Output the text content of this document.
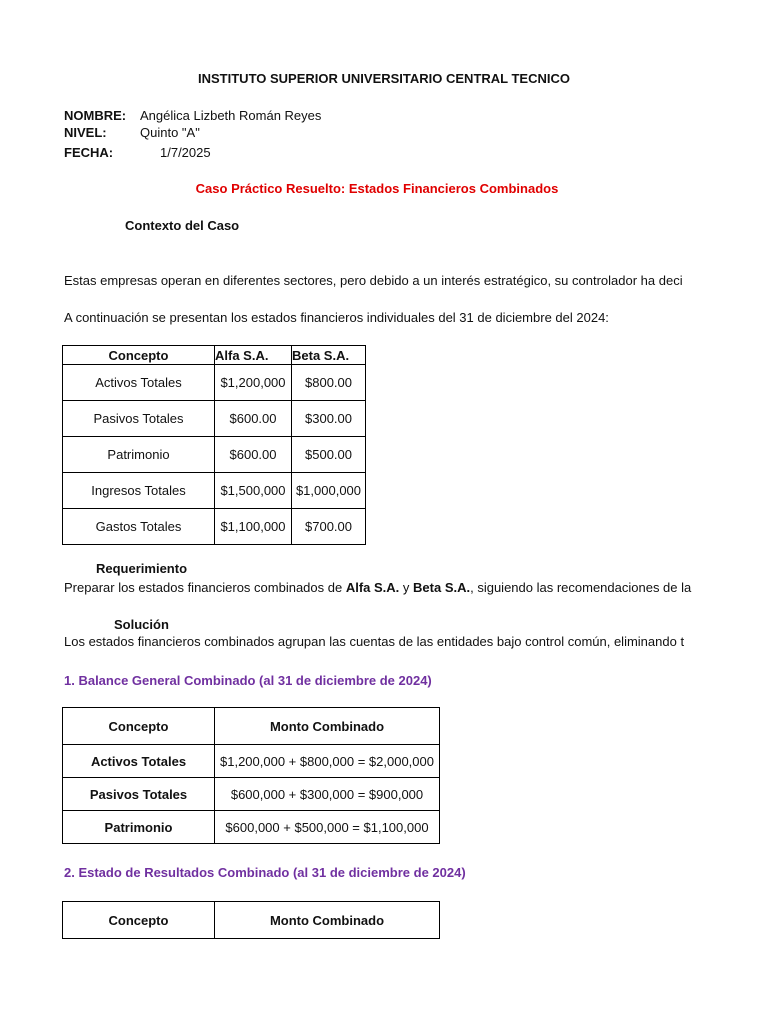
INSTITUTO SUPERIOR UNIVERSITARIO CENTRAL TECNICO
NOMBRE: Angélica Lizbeth Román Reyes
NIVEL:	Quinto "A"
FECHA:	1/7/2025
Caso Práctico Resuelto: Estados Financieros Combinados
Contexto del Caso
Estas empresas operan en diferentes sectores, pero debido a un interés estratégico, su controlador ha deci
A continuación se presentan los estados financieros individuales del 31 de diciembre del 2024:
Concepto	Alfa S.A.	Beta S.A.
Activos Totales	$1,200,000	$800.00
Pasivos Totales	$600.00	$300.00
Patrimonio	$600.00	$500.00
Ingresos Totales	$1,500,000	$1,000,000
Gastos Totales	$1,100,000	$700.00
Requerimiento
Preparar los estados financieros combinados de Alfa S.A. y Beta S.A., siguiendo las recomendaciones de la
Solución
Los estados financieros combinados agrupan las cuentas de las entidades bajo control común, eliminando t
1. Balance General Combinado (al 31 de diciembre de 2024)
Concepto	Monto Combinado
Activos Totales	$1,200,000 + $800,000 = $2,000,000
Pasivos Totales	$600,000 + $300,000 = $900,000
Patrimonio	$600,000 + $500,000 = $1,100,000
2. Estado de Resultados Combinado (al 31 de diciembre de 2024)
Concepto	Monto Combinado
